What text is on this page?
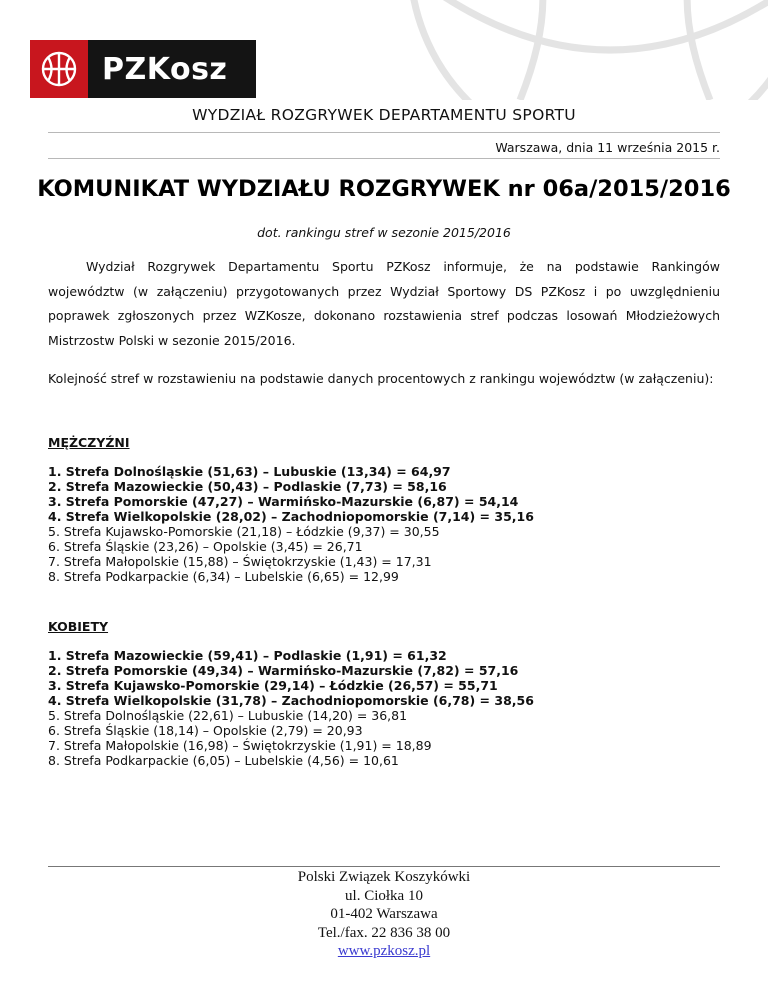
PZKosz
WYDZIAŁ ROZGRYWEK DEPARTAMENTU SPORTU
Warszawa, dnia 11 września 2015 r.
KOMUNIKAT WYDZIAŁU ROZGRYWEK nr 06a/2015/2016
dot. rankingu stref w sezonie 2015/2016

Wydział Rozgrywek Departamentu Sportu PZKosz informuje, że na podstawie Rankingów województw (w załączeniu) przygotowanych przez Wydział Sportowy DS PZKosz i po uwzględnieniu poprawek zgłoszonych przez WZKosze, dokonano rozstawienia stref podczas losowań Młodzieżowych Mistrzostw Polski w sezonie 2015/2016.

Kolejność stref w rozstawieniu na podstawie danych procentowych z rankingu województw (w załączeniu):

MĘŻCZYŹNI
1. Strefa Dolnośląskie (51,63) – Lubuskie (13,34) = 64,97
2. Strefa Mazowieckie (50,43) – Podlaskie (7,73) = 58,16
3. Strefa Pomorskie (47,27) – Warmińsko-Mazurskie (6,87) = 54,14
4. Strefa Wielkopolskie (28,02) – Zachodniopomorskie (7,14) = 35,16
5. Strefa Kujawsko-Pomorskie (21,18) – Łódzkie (9,37) = 30,55
6. Strefa Śląskie (23,26) – Opolskie (3,45) = 26,71
7. Strefa Małopolskie (15,88) – Świętokrzyskie (1,43) = 17,31
8. Strefa Podkarpackie (6,34) – Lubelskie (6,65) = 12,99
KOBIETY
1. Strefa Mazowieckie (59,41) – Podlaskie (1,91) = 61,32
2. Strefa Pomorskie (49,34) – Warmińsko-Mazurskie (7,82) = 57,16
3. Strefa Kujawsko-Pomorskie (29,14) – Łódzkie (26,57) = 55,71
4. Strefa Wielkopolskie (31,78) – Zachodniopomorskie (6,78) = 38,56
5. Strefa Dolnośląskie (22,61) – Lubuskie (14,20) = 36,81
6. Strefa Śląskie (18,14) – Opolskie (2,79) = 20,93
7. Strefa Małopolskie (16,98) – Świętokrzyskie (1,91) = 18,89
8. Strefa Podkarpackie (6,05) – Lubelskie (4,56) = 10,61
Polski Związek Koszykówki
ul. Ciołka 10
01-402 Warszawa
Tel./fax. 22 836 38 00
www.pzkosz.pl
